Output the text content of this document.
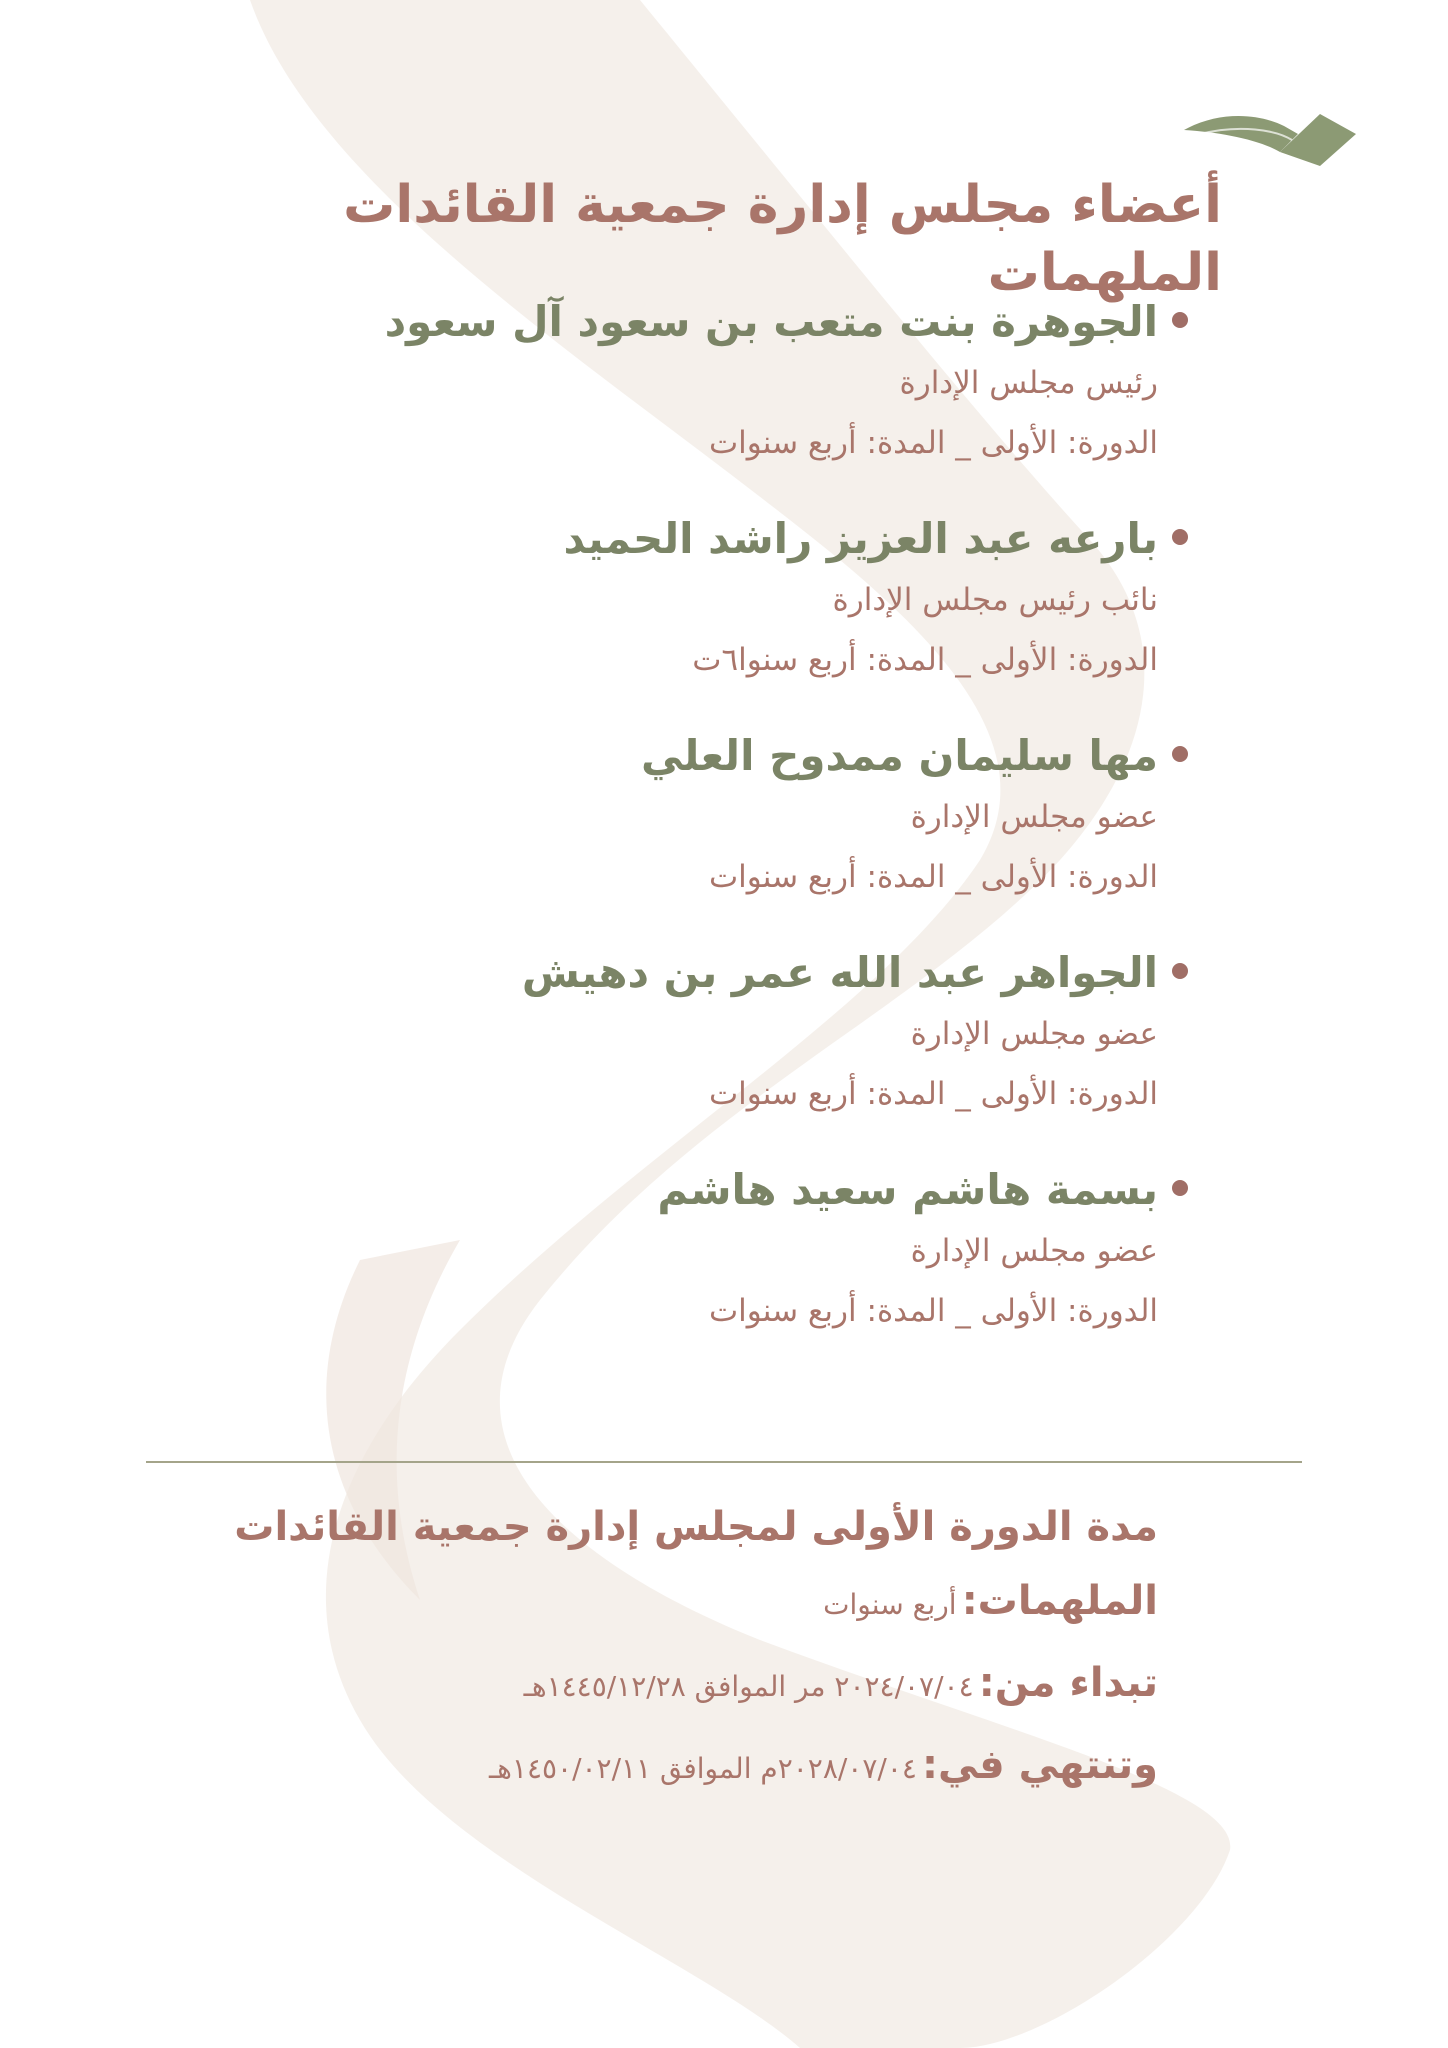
أعضاء مجلس إدارة جمعية القائدات الملهمات

الجوهرة بنت متعب بن سعود آل سعود

رئيس مجلس الإدارة

الدورة: الأولى _ المدة: أربع سنوات

بارعه عبد العزيز راشد الحميد

نائب رئيس مجلس الإدارة

الدورة: الأولى _ المدة: أربع سنوا٦ت

مها سليمان ممدوح العلي

عضو مجلس الإدارة

الدورة: الأولى _ المدة: أربع سنوات

الجواهر عبد الله عمر بن دهيش

عضو مجلس الإدارة

الدورة: الأولى _ المدة: أربع سنوات

بسمة هاشم سعيد هاشم

عضو مجلس الإدارة

الدورة: الأولى _ المدة: أربع سنوات

مدة الدورة الأولى لمجلس إدارة جمعية القائدات

الملهمات: أربع سنوات

تبداء من: ٢٠٢٤/٠٧/٠٤ مر الموافق ١٤٤٥/١٢/٢٨هـ

وتنتهي في: ٢٠٢٨/٠٧/٠٤م الموافق ١٤٥٠/٠٢/١١هـ
